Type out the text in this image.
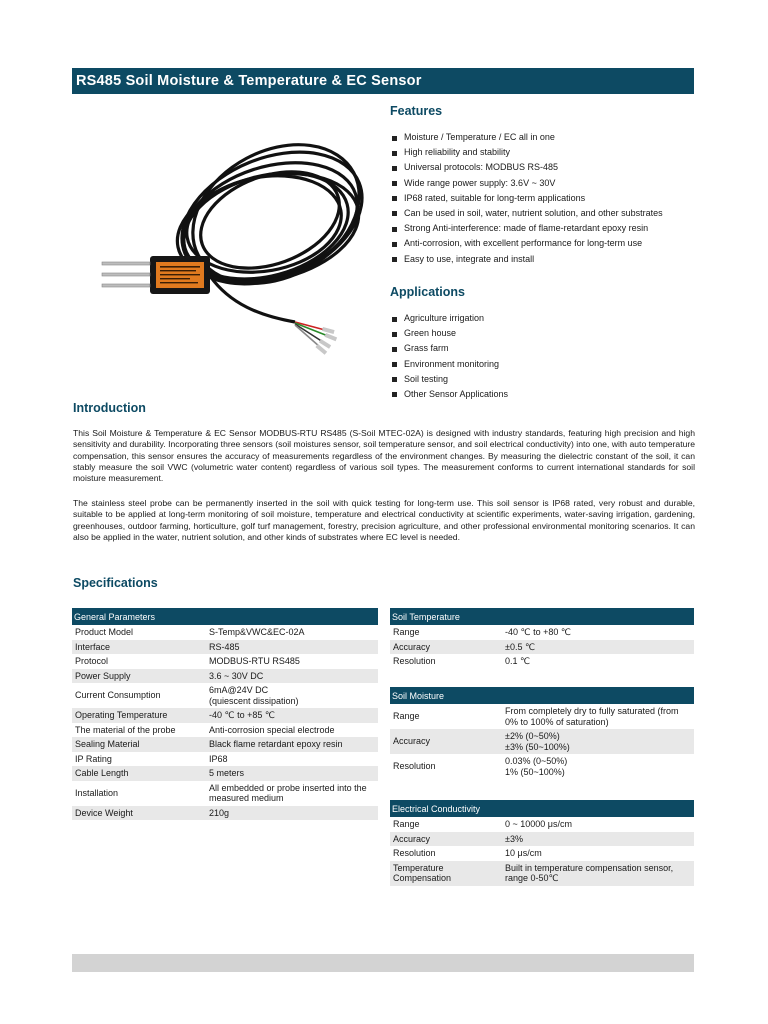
RS485 Soil Moisture & Temperature & EC Sensor
Features
Moisture / Temperature / EC all in one
High reliability and stability
Universal protocols: MODBUS RS-485
Wide range power supply: 3.6V ~ 30V
IP68 rated, suitable for long-term applications
Can be used in soil, water, nutrient solution, and other substrates
Strong Anti-interference: made of flame-retardant epoxy resin
Anti-corrosion, with excellent performance for long-term use
Easy to use, integrate and install
Applications
Agriculture irrigation
Green house
Grass farm
Environment monitoring
Soil testing
Other Sensor Applications
Introduction

This Soil Moisture & Temperature & EC Sensor MODBUS-RTU RS485 (S-Soil MTEC-02A) is designed with industry standards, featuring high precision and high sensitivity and durability. Incorporating three sensors (soil moistures sensor, soil temperature sensor, and soil electrical conductivity) into one, with auto temperature compensation, this sensor ensures the accuracy of measurements regardless of the environment changes. By measuring the dielectric constant of the soil, it can stably measure the soil VWC (volumetric water content) regardless of various soil types. The measurement conforms to current international standards for soil moisture measurement.

The stainless steel probe can be permanently inserted in the soil with quick testing for long-term use. This soil sensor is IP68 rated, very robust and durable, suitable to be applied at long-term monitoring of soil moisture, temperature and electrical conductivity at scientific experiments, water-saving irrigation, gardening, greenhouses, outdoor farming, horticulture, golf turf management, forestry, precision agriculture, and other professional environmental monitoring scenarios. It can also be applied in the water, nutrient solution, and other kinds of substrates where EC level is needed.

Specifications
General Parameters	
Product Model	S-Temp&VWC&EC-02A
Interface	RS-485
Protocol	MODBUS-RTU RS485
Power Supply	3.6 ~ 30V DC
Current Consumption	6mA@24V DC
(quiescent dissipation)
Operating Temperature	-40 ℃ to +85 ℃
The material of the probe	Anti-corrosion special electrode
Sealing Material	Black flame retardant epoxy resin
IP Rating	IP68
Cable Length	5 meters
Installation	All embedded or probe inserted into the measured medium
Device Weight	210g
Soil Temperature	
Range	-40 ℃ to +80 ℃
Accuracy	±0.5 ℃
Resolution	0.1 ℃
Soil Moisture	
Range	From completely dry to fully saturated (from 0% to 100% of saturation)
Accuracy	±2% (0~50%)
±3% (50~100%)
Resolution	0.03% (0~50%)
1% (50~100%)
Electrical Conductivity	
Range	0 ~ 10000 μs/cm
Accuracy	±3%
Resolution	10 μs/cm
Temperature Compensation	Built in temperature compensation sensor, range 0-50℃
